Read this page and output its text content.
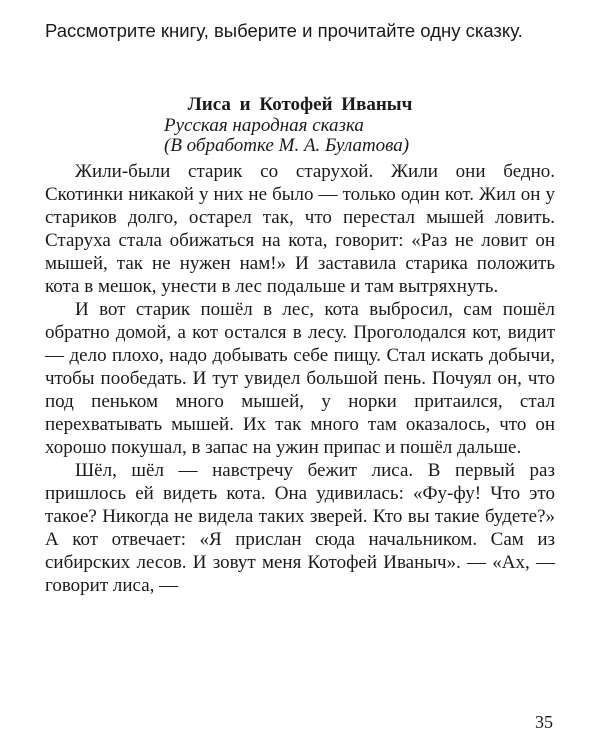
Рассмотрите книгу, выберите и прочитайте одну сказку.
Лиса и Котофей Иваныч
Русская народная сказка
(В обработке М. А. Булатова)

Жили-были старик со старухой. Жили они бедно. Скотинки никакой у них не было — только один кот. Жил он у стариков долго, остарел так, что перестал мышей ловить. Старуха стала обижаться на кота, говорит: «Раз не ловит он мышей, так не нужен нам!» И заставила старика положить кота в мешок, унести в лес подальше и там вытряхнуть.

И вот старик пошёл в лес, кота выбросил, сам пошёл обратно домой, а кот остался в лесу. Проголодался кот, видит — дело плохо, надо добывать себе пищу. Стал искать добычи, чтобы пообедать. И тут увидел большой пень. Почуял он, что под пеньком много мышей, у норки притаился, стал перехватывать мышей. Их так много там оказалось, что он хорошо покушал, в запас на ужин припас и пошёл дальше.

Шёл, шёл — навстречу бежит лиса. В первый раз пришлось ей видеть кота. Она удивилась: «Фу-фу! Что это такое? Никогда не видела таких зверей. Кто вы такие будете?» А кот отвечает: «Я прислан сюда начальником. Сам из сибирских лесов. И зовут меня Котофей Иваныч». — «Ах, — говорит лиса, —

35
